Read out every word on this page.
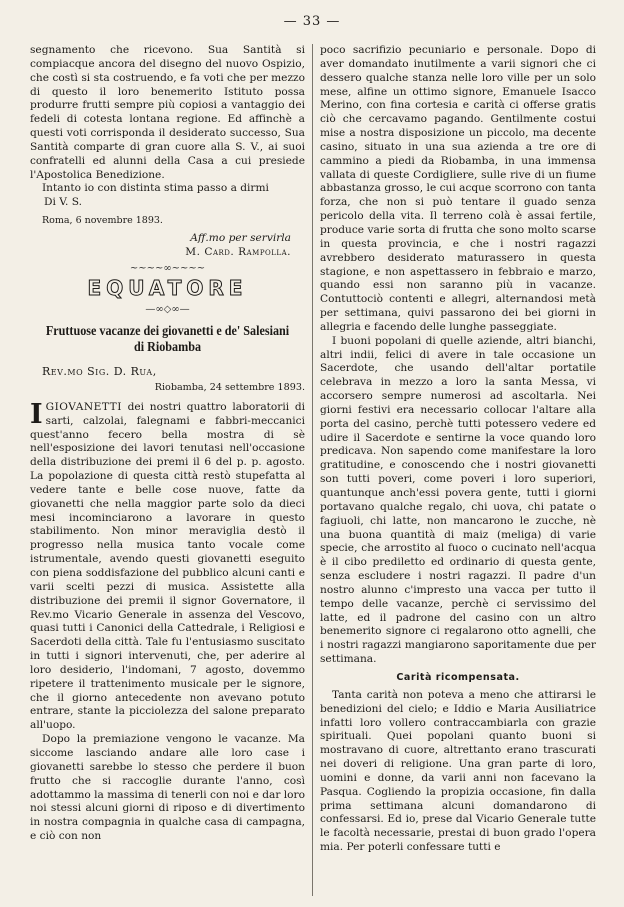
— 33 —

segnamento che ricevono. Sua Santità si compiacque ancora del disegno del nuovo Ospizio, che costì si sta costruendo, e fa voti che per mezzo di questo il loro benemerito Istituto possa produrre frutti sempre più copiosi a vantaggio dei fedeli di cotesta lontana regione. Ed affinchè a questi voti corrisponda il desiderato successo, Sua Santità comparte di gran cuore alla S. V., ai suoi confratelli ed alunni della Casa a cui presiede l'Apostolica Benedizione.

Intanto io con distinta stima passo a dirmi

Di V. S.

Roma, 6 novembre 1893.

Aff.mo per servirla

M. Card. Rampolla.

~~~~∞~~~~
EQUATORE
—∞◇∞—
Fruttuose vacanze dei giovanetti e de' Salesiani
di Riobamba

Rev.mo Sig. D. Rua,

Riobamba, 24 settembre 1893.

IGIOVANETTI dei nostri quattro laboratorii di sarti, calzolai, falegnami e fabbri-meccanici quest'anno fecero bella mostra di sè nell'esposizione dei lavori tenutasi nell'occasione della distribuzione dei premi il 6 del p. p. agosto. La popolazione di questa città restò stupefatta al vedere tante e belle cose nuove, fatte da giovanetti che nella maggior parte solo da dieci mesi incominciarono a lavorare in questo stabilimento. Non minor meraviglia destò il progresso nella musica tanto vocale come istrumentale, avendo questi giovanetti eseguito con piena soddisfazione del pubblico alcuni canti e varii scelti pezzi di musica. Assistette alla distribuzione dei premii il signor Governatore, il Rev.mo Vicario Generale in assenza del Vescovo, quasi tutti i Canonici della Cattedrale, i Religiosi e Sacerdoti della città. Tale fu l'entusiasmo suscitato in tutti i signori intervenuti, che, per aderire al loro desiderio, l'indomani, 7 agosto, dovemmo ripetere il trattenimento musicale per le signore, che il giorno antecedente non avevano potuto entrare, stante la picciolezza del salone preparato all'uopo.

Dopo la premiazione vengono le vacanze. Ma siccome lasciando andare alle loro case i giovanetti sarebbe lo stesso che perdere il buon frutto che si raccoglie durante l'anno, così adottammo la massima di tenerli con noi e dar loro noi stessi alcuni giorni di riposo e di divertimento in nostra compagnia in qualche casa di campagna, e ciò con non

poco sacrifizio pecuniario e personale. Dopo di aver domandato inutilmente a varii signori che ci dessero qualche stanza nelle loro ville per un solo mese, alfine un ottimo signore, Emanuele Isacco Merino, con fina cortesia e carità ci offerse gratis ciò che cercavamo pagando. Gentilmente costui mise a nostra disposizione un piccolo, ma decente casino, situato in una sua azienda a tre ore di cammino a piedi da Riobamba, in una immensa vallata di queste Cordigliere, sulle rive di un fiume abbastanza grosso, le cui acque scorrono con tanta forza, che non si può tentare il guado senza pericolo della vita. Il terreno colà è assai fertile, produce varie sorta di frutta che sono molto scarse in questa provincia, e che i nostri ragazzi avrebbero desiderato maturassero in questa stagione, e non aspettassero in febbraio e marzo, quando essi non saranno più in vacanze. Contuttociò contenti e allegri, alternandosi metà per settimana, quivi passarono dei bei giorni in allegria e facendo delle lunghe passeggiate.

I buoni popolani di quelle aziende, altri bianchi, altri indii, felici di avere in tale occasione un Sacerdote, che usando dell'altar portatile celebrava in mezzo a loro la santa Messa, vi accorsero sempre numerosi ad ascoltarla. Nei giorni festivi era necessario collocar l'altare alla porta del casino, perchè tutti potessero vedere ed udire il Sacerdote e sentirne la voce quando loro predicava. Non sapendo come manifestare la loro gratitudine, e conoscendo che i nostri giovanetti son tutti poveri, come poveri i loro superiori, quantunque anch'essi povera gente, tutti i giorni portavano qualche regalo, chi uova, chi patate o fagiuoli, chi latte, non mancarono le zucche, nè una buona quantità di maiz (meliga) di varie specie, che arrostito al fuoco o cucinato nell'acqua è il cibo prediletto ed ordinario di questa gente, senza escludere i nostri ragazzi. Il padre d'un nostro alunno c'impresto una vacca per tutto il tempo delle vacanze, perchè ci servissimo del latte, ed il padrone del casino con un altro benemerito signore ci regalarono otto agnelli, che i nostri ragazzi mangiarono saporitamente due per settimana.

Carità ricompensata.

Tanta carità non poteva a meno che attirarsi le benedizioni del cielo; e Iddio e Maria Ausiliatrice infatti loro vollero contraccambiarla con grazie spirituali. Quei popolani quanto buoni si mostravano di cuore, altrettanto erano trascurati nei doveri di religione. Una gran parte di loro, uomini e donne, da varii anni non facevano la Pasqua. Cogliendo la propizia occasione, fin dalla prima settimana alcuni domandarono di confessarsi. Ed io, prese dal Vicario Generale tutte le facoltà necessarie, prestai di buon grado l'opera mia. Per poterli confessare tutti e
